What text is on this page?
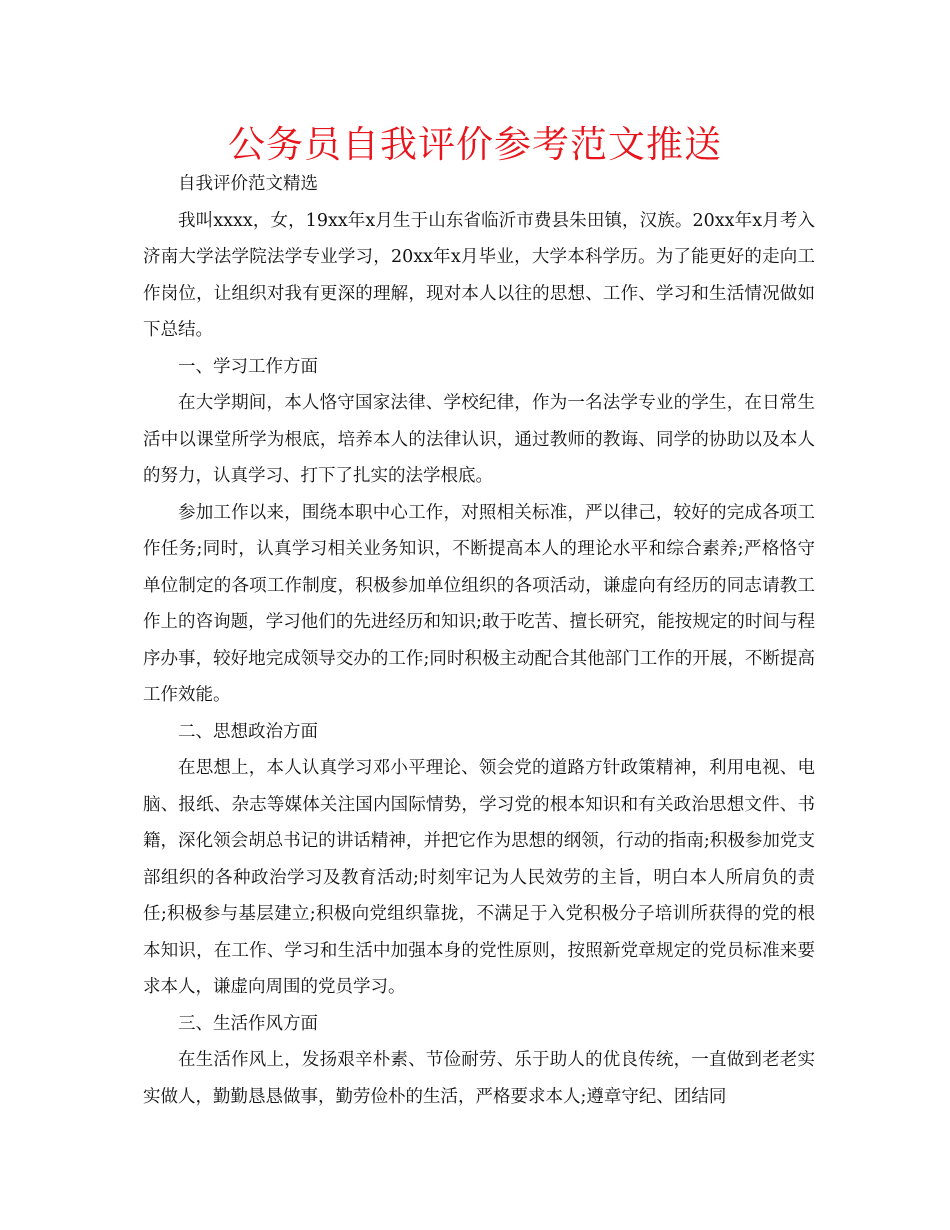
公务员自我评价参考范文推送

自我评价范文精选

我叫xxxx，女，19xx年x月生于山东省临沂市费县朱田镇，汉族。20xx年x月考入济南大学法学院法学专业学习，20xx年x月毕业，大学本科学历。为了能更好的走向工作岗位，让组织对我有更深的理解，现对本人以往的思想、工作、学习和生活情况做如下总结。

一、学习工作方面

在大学期间，本人恪守国家法律、学校纪律，作为一名法学专业的学生，在日常生活中以课堂所学为根底，培养本人的法律认识，通过教师的教诲、同学的协助以及本人的努力，认真学习、打下了扎实的法学根底。

参加工作以来，围绕本职中心工作，对照相关标准，严以律己，较好的完成各项工作任务;同时，认真学习相关业务知识，不断提高本人的理论水平和综合素养;严格恪守单位制定的各项工作制度，积极参加单位组织的各项活动，谦虚向有经历的同志请教工作上的咨询题，学习他们的先进经历和知识;敢于吃苦、擅长研究，能按规定的时间与程序办事，较好地完成领导交办的工作;同时积极主动配合其他部门工作的开展，不断提高工作效能。

二、思想政治方面

在思想上，本人认真学习邓小平理论、领会党的道路方针政策精神，利用电视、电脑、报纸、杂志等媒体关注国内国际情势，学习党的根本知识和有关政治思想文件、书籍，深化领会胡总书记的讲话精神，并把它作为思想的纲领，行动的指南;积极参加党支部组织的各种政治学习及教育活动;时刻牢记为人民效劳的主旨，明白本人所肩负的责任;积极参与基层建立;积极向党组织靠拢，不满足于入党积极分子培训所获得的党的根本知识，在工作、学习和生活中加强本身的党性原则，按照新党章规定的党员标准来要求本人，谦虚向周围的党员学习。

三、生活作风方面

在生活作风上，发扬艰辛朴素、节俭耐劳、乐于助人的优良传统，一直做到老老实实做人，勤勤恳恳做事，勤劳俭朴的生活，严格要求本人;遵章守纪、团结同
